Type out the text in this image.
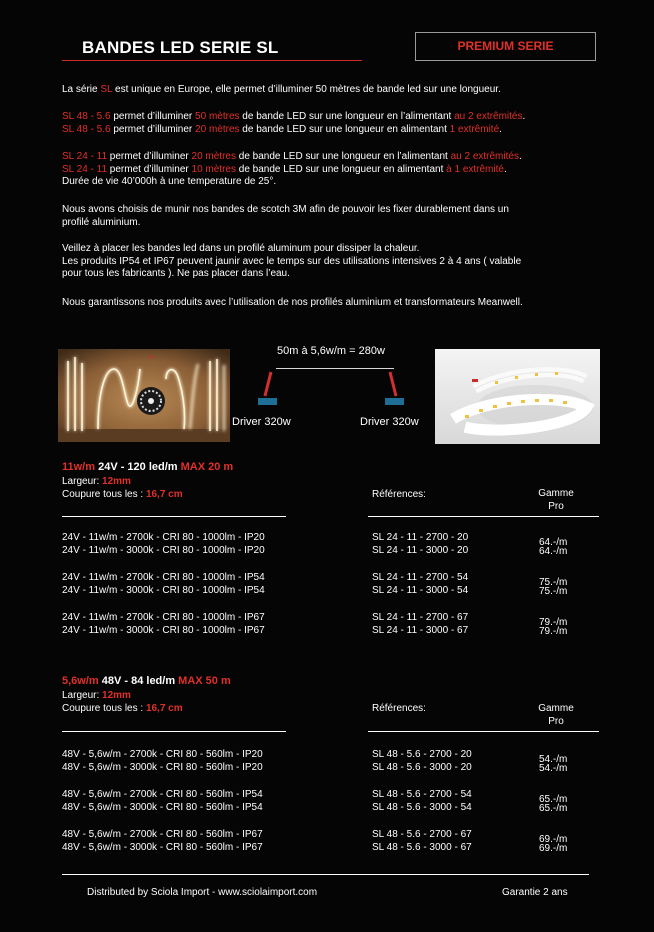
BANDES LED SERIE SL	PREMIUM SERIE
La série SL est unique en Europe, elle permet d’illuminer 50 mètres de bande led sur une longueur.
SL 48 - 5.6 permet d’illuminer 50 mètres de bande LED sur une longueur en l’alimentant au 2 extrêmités.
SL 48 - 5.6 permet d’illuminer 20 mètres de bande LED sur une longueur en alimentant 1 extrêmité.
SL 24 - 11 permet d’illuminer 20 mètres de bande LED sur une longueur en l’alimentant au 2 extrêmités.
SL 24 - 11 permet d’illuminer 10 mètres de bande LED sur une longueur en alimentant à 1 extrêmité.
Durée de vie 40’000h à une temperature de 25°.
Nous avons choisis de munir nos bandes de scotch 3M afin de pouvoir les fixer durablement dans un
profilé aluminium.
Veillez à placer les bandes led dans un profilé aluminum pour dissiper la chaleur.
Les produits IP54 et IP67 peuvent jaunir avec le temps sur des utilisations intensives 2 à 4 ans ( valable
pour tous les fabricants ). Ne pas placer dans l’eau.
Nous garantissons nos produits avec l’utilisation de nos profilés aluminium et transformateurs Meanwell.
50m à 5,6w/m = 280w
Driver 320w	Driver 320w
11w/m 24V - 120 led/m MAX 20 m
Largeur: 12mm
Coupure tous les : 16,7 cm	Références:	Gamme
Pro
24V - 11w/m - 2700k - CRI 80 - 1000lm - IP20	SL 24 - 11 - 2700 - 20	64.-/m
24V - 11w/m - 3000k - CRI 80 - 1000lm - IP20	SL 24 - 11 - 3000 - 20	64.-/m
24V - 11w/m - 2700k - CRI 80 - 1000lm - IP54	SL 24 - 11 - 2700 - 54	75.-/m
24V - 11w/m - 3000k - CRI 80 - 1000lm - IP54	SL 24 - 11 - 3000 - 54	75.-/m
24V - 11w/m - 2700k - CRI 80 - 1000lm - IP67	SL 24 - 11 - 2700 - 67	79.-/m
24V - 11w/m - 3000k - CRI 80 - 1000lm - IP67	SL 24 - 11 - 3000 - 67	79.-/m
5,6w/m 48V - 84 led/m MAX 50 m
Largeur: 12mm
Coupure tous les : 16,7 cm	Références:	Gamme
Pro
48V - 5,6w/m - 2700k - CRI 80 - 560lm - IP20	SL 48 - 5.6 - 2700 - 20	54.-/m
48V - 5,6w/m - 3000k - CRI 80 - 560lm - IP20	SL 48 - 5.6 - 3000 - 20	54.-/m
48V - 5,6w/m - 2700k - CRI 80 - 560lm - IP54	SL 48 - 5.6 - 2700 - 54	65.-/m
48V - 5,6w/m - 3000k - CRI 80 - 560lm - IP54	SL 48 - 5.6 - 3000 - 54	65.-/m
48V - 5,6w/m - 2700k - CRI 80 - 560lm - IP67	SL 48 - 5.6 - 2700 - 67	69.-/m
48V - 5,6w/m - 3000k - CRI 80 - 560lm - IP67	SL 48 - 5.6 - 3000 - 67	69.-/m
Distributed by Sciola Import - www.sciolaimport.com	Garantie 2 ans
